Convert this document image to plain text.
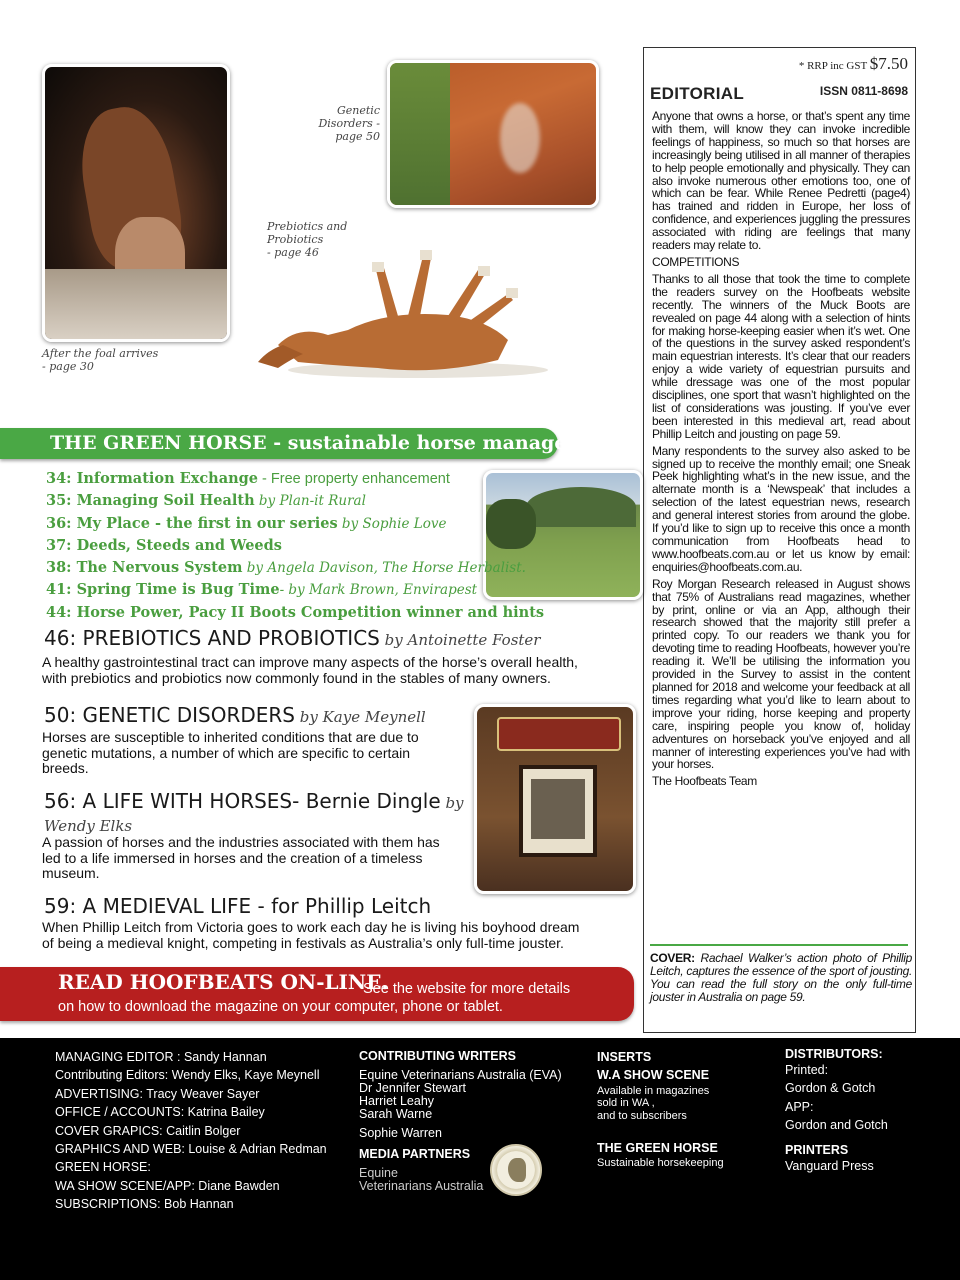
Genetic
Disorders -
page 50
Prebiotics and
Probiotics
- page 46
After the foal arrives
- page 30
THE GREEN HORSE - sustainable horse management
34: Information Exchange - Free property enhancement
35: Managing Soil Health by Plan-it Rural
36: My Place - the first in our series by Sophie Love
37: Deeds, Steeds and Weeds
38: The Nervous System by Angela Davison, The Horse Herbalist.
41: Spring Time is Bug Time- by Mark Brown, Envirapest
44: Horse Power, Pacy II Boots Competition winner and hints
46: PREBIOTICS AND PROBIOTICS by Antoinette Foster
A healthy gastrointestinal tract can improve many aspects of the horse’s overall health,
with prebiotics and probiotics now commonly found in the stables of many owners.
50: GENETIC DISORDERS by Kaye Meynell
Horses are susceptible to inherited conditions that are due to
genetic mutations, a number of which are specific to certain
breeds.
56: A LIFE WITH HORSES- Bernie Dingle by
Wendy Elks
A passion of horses and the industries associated with them has
led to a life immersed in horses and the creation of a timeless
museum.
59: A MEDIEVAL LIFE - for Phillip Leitch
When Phillip Leitch from Victoria goes to work each day he is living his boyhood dream
of being a medieval knight, competing in festivals as Australia’s only full-time jouster.
READ HOOFBEATS ON-LINE.
See the website for more details
on how to download the magazine on your computer, phone or tablet.
* RRP inc GST $7.50
EDITORIAL	ISSN 0811-8698

Anyone that owns a horse, or that’s spent any time with them, will know they can invoke incredible feelings of happiness, so much so that horses are increasingly being utilised in all manner of therapies to help people emotionally and physically. They can also invoke numerous other emotions too, one of which can be fear. While Renee Pedretti (page4) has trained and ridden in Europe, her loss of confidence, and experiences juggling the pressures associated with riding are feelings that many readers may relate to.

COMPETITIONS

Thanks to all those that took the time to complete the readers survey on the Hoofbeats website recently. The winners of the Muck Boots are revealed on page 44 along with a selection of hints for making horse-keeping easier when it’s wet. One of the questions in the survey asked respondent’s main equestrian interests. It’s clear that our readers enjoy a wide variety of equestrian pursuits and while dressage was one of the most popular disciplines, one sport that wasn’t highlighted on the list of considerations was jousting. If you’ve ever been interested in this medieval art, read about Phillip Leitch and jousting on page 59.

Many respondents to the survey also asked to be signed up to receive the monthly email; one Sneak Peek highlighting what’s in the new issue, and the alternate month is a ‘Newspeak’ that includes a selection of the latest equestrian news, research and general interest stories from around the globe. If you’d like to sign up to receive this once a month communication from Hoofbeats head to www.hoofbeats.com.au or let us know by email: enquiries@hoofbeats.com.au.

Roy Morgan Research released in August shows that 75% of Australians read magazines, whether by print, online or via an App, although their research showed that the majority still prefer a printed copy. To our readers we thank you for devoting time to reading Hoofbeats, however you’re reading it. We’ll be utilising the information you provided in the Survey to assist in the content planned for 2018 and welcome your feedback at all times regarding what you’d like to learn about to improve your riding, horse keeping and property care, inspiring people you know of, holiday adventures on horseback you’ve enjoyed and all manner of interesting experiences you’ve had with your horses.

The Hoofbeats Team

COVER: Rachael Walker’s action photo of Phillip Leitch, captures the essence of the sport of jousting. You can read the full story on the only full-time jouster in Australia on page 59.
MANAGING EDITOR : Sandy Hannan
Contributing Editors: Wendy Elks, Kaye Meynell
ADVERTISING: Tracy Weaver Sayer
OFFICE / ACCOUNTS: Katrina Bailey
COVER GRAPICS: Caitlin Bolger
GRAPHICS AND WEB: Louise & Adrian Redman
GREEN HORSE:
WA SHOW SCENE/APP: Diane Bawden
SUBSCRIPTIONS: Bob Hannan
CONTRIBUTING WRITERS
Equine Veterinarians Australia (EVA)
Dr Jennifer Stewart
Harriet Leahy
Sarah Warne
Sophie Warren
MEDIA PARTNERS
Equine
Veterinarians Australia
INSERTS
W.A SHOW SCENE
Available in magazines
sold in WA ,
and to subscribers
THE GREEN HORSE
Sustainable horsekeeping
DISTRIBUTORS:
Printed:
Gordon & Gotch
APP:
Gordon and Gotch
PRINTERS
Vanguard Press
